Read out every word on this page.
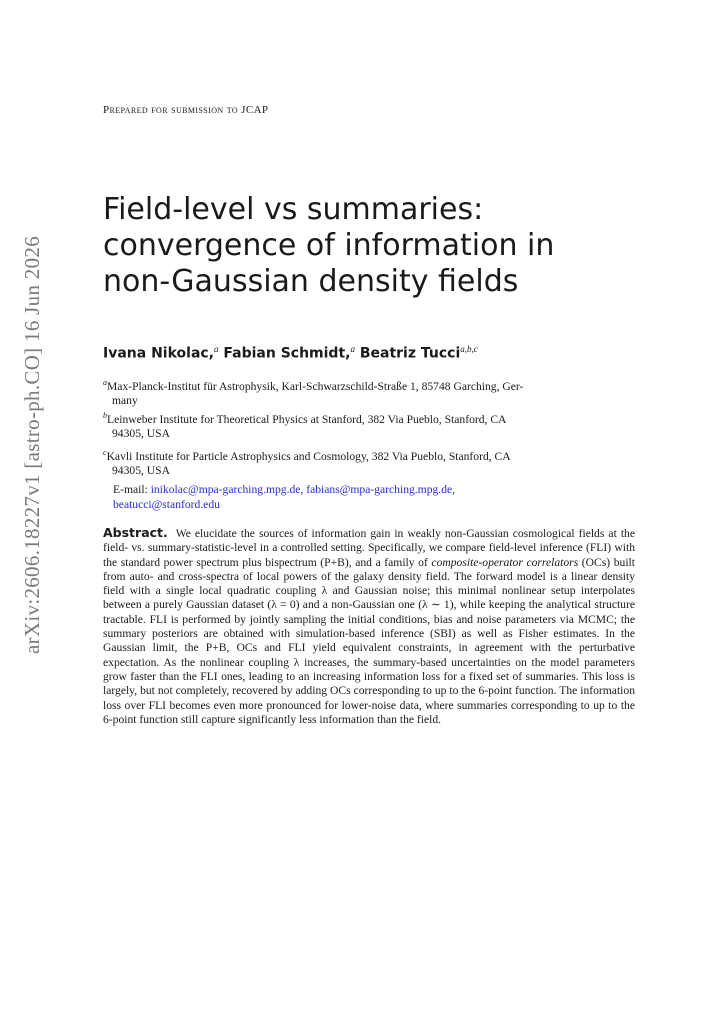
arXiv:2606.18227v1 [astro-ph.CO] 16 Jun 2026
Prepared for submission to JCAP
Field-level vs summaries:
convergence of information in
non-Gaussian density fields
Ivana Nikolac,$^a$ Fabian Schmidt,$^a$ Beatriz Tucci$^{a,b,c}$
$^a$Max-Planck-Institut für Astrophysik, Karl-Schwarzschild-Straße 1, 85748 Garching, Ger-
many
$^b$Leinweber Institute for Theoretical Physics at Stanford, 382 Via Pueblo, Stanford, CA
94305, USA
$^c$Kavli Institute for Particle Astrophysics and Cosmology, 382 Via Pueblo, Stanford, CA
94305, USA
E-mail: inikolac@mpa-garching.mpg.de, fabians@mpa-garching.mpg.de,
beatucci@stanford.edu

Abstract. We elucidate the sources of information gain in weakly non-Gaussian cosmological fields at the field- vs. summary-statistic-level in a controlled setting. Specifically, we compare field-level inference (FLI) with the standard power spectrum plus bispectrum (P+B), and a family of composite-operator correlators (OCs) built from auto- and cross-spectra of local powers of the galaxy density field. The forward model is a linear density field with a single local quadratic coupling λ and Gaussian noise; this minimal nonlinear setup interpolates between a purely Gaussian dataset (λ = 0) and a non-Gaussian one (λ ∼ 1), while keeping the analytical structure tractable. FLI is performed by jointly sampling the initial conditions, bias and noise parameters via MCMC; the summary posteriors are obtained with simulation-based inference (SBI) as well as Fisher estimates. In the Gaussian limit, the P+B, OCs and FLI yield equivalent constraints, in agreement with the perturbative expectation. As the nonlinear coupling λ increases, the summary-based uncertainties on the model parameters grow faster than the FLI ones, leading to an increasing information loss for a fixed set of summaries. This loss is largely, but not completely, recovered by adding OCs corresponding to up to the 6-point function. The information loss over FLI becomes even more pronounced for lower-noise data, where summaries corresponding to up to the 6-point function still capture significantly less information than the field.
